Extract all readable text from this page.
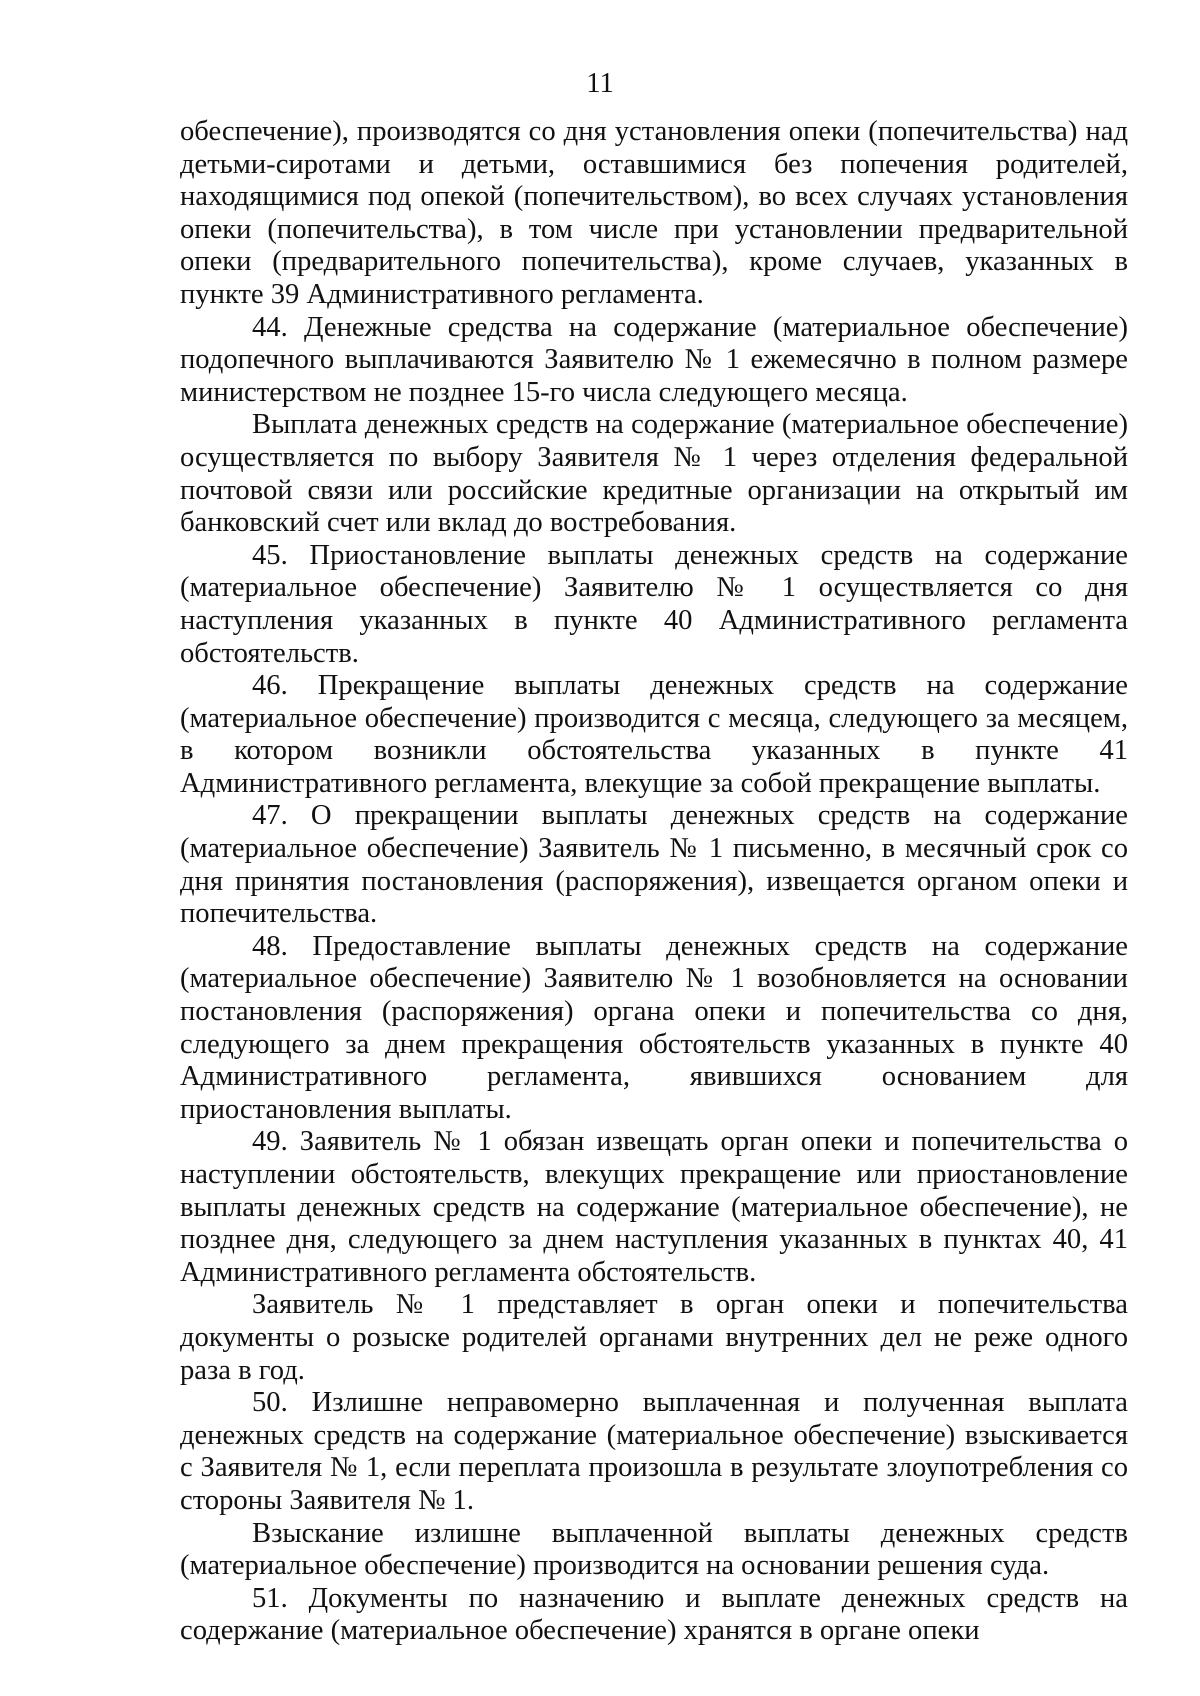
11

обеспечение), производятся со дня установления опеки (попечительства) над детьми-сиротами и детьми, оставшимися без попечения родителей, находящимися под опекой (попечительством), во всех случаях установления опеки (попечительства), в том числе при установлении предварительной опеки (предварительного попечительства), кроме случаев, указанных в пункте 39 Административного регламента.

44. Денежные средства на содержание (материальное обеспечение) подопечного выплачиваются Заявителю № 1 ежемесячно в полном размере министерством не позднее 15-го числа следующего месяца.

Выплата денежных средств на содержание (материальное обеспечение) осуществляется по выбору Заявителя № 1 через отделения федеральной почтовой связи или российские кредитные организации на открытый им банковский счет или вклад до востребования.

45. Приостановление выплаты денежных средств на содержание (материальное обеспечение) Заявителю № 1 осуществляется со дня наступления указанных в пункте 40 Административного регламента обстоятельств.

46. Прекращение выплаты денежных средств на содержание (материальное обеспечение) производится с месяца, следующего за месяцем, в котором возникли обстоятельства указанных в пункте 41 Административного регламента, влекущие за собой прекращение выплаты.

47. О прекращении выплаты денежных средств на содержание (материальное обеспечение) Заявитель № 1 письменно, в месячный срок со дня принятия постановления (распоряжения), извещается органом опеки и попечительства.

48. Предоставление выплаты денежных средств на содержание (материальное обеспечение) Заявителю № 1 возобновляется на основании постановления (распоряжения) органа опеки и попечительства со дня, следующего за днем прекращения обстоятельств указанных в пункте 40 Административного регламента, явившихся основанием для приостановления выплаты.

49. Заявитель № 1 обязан извещать орган опеки и попечительства о наступлении обстоятельств, влекущих прекращение или приостановление выплаты денежных средств на содержание (материальное обеспечение), не позднее дня, следующего за днем наступления указанных в пунктах 40, 41 Административного регламента обстоятельств.

Заявитель № 1 представляет в орган опеки и попечительства документы о розыске родителей органами внутренних дел не реже одного раза в год.

50. Излишне неправомерно выплаченная и полученная выплата денежных средств на содержание (материальное обеспечение) взыскивается с Заявителя № 1, если переплата произошла в результате злоупотребления со стороны Заявителя № 1.

Взыскание излишне выплаченной выплаты денежных средств (материальное обеспечение) производится на основании решения суда.

51. Документы по назначению и выплате денежных средств на содержание (материальное обеспечение) хранятся в органе опеки
